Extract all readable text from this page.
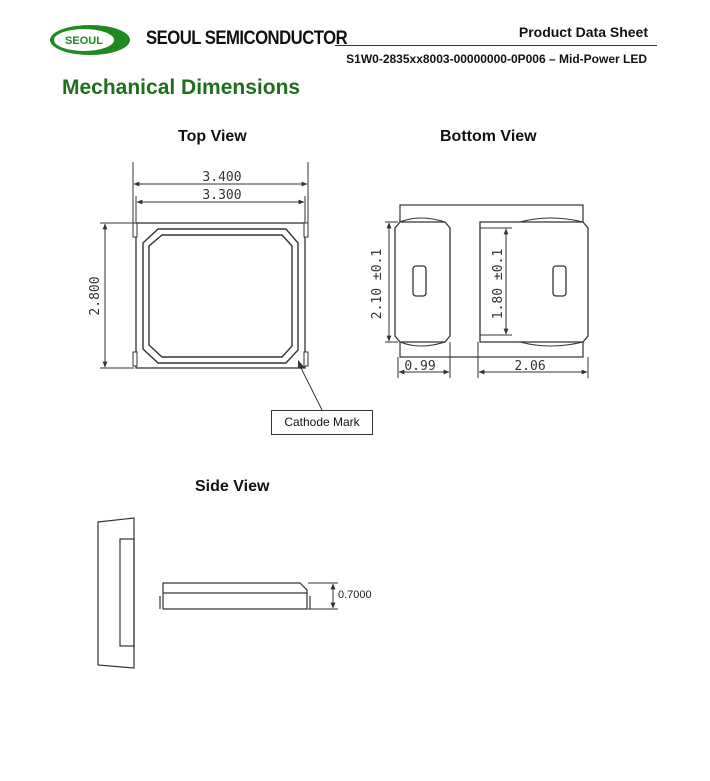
SEOUL SEOUL SEMICONDUCTOR	Product Data Sheet
S1W0-2835xx8003-00000000-0P006 – Mid-Power LED
Mechanical Dimensions
Top View	Bottom View
Side View
3.400
3.300
2.800	2.10 ±0.1	1.80 ±0.1
0.99	2.06
0.7000
Cathode Mark
